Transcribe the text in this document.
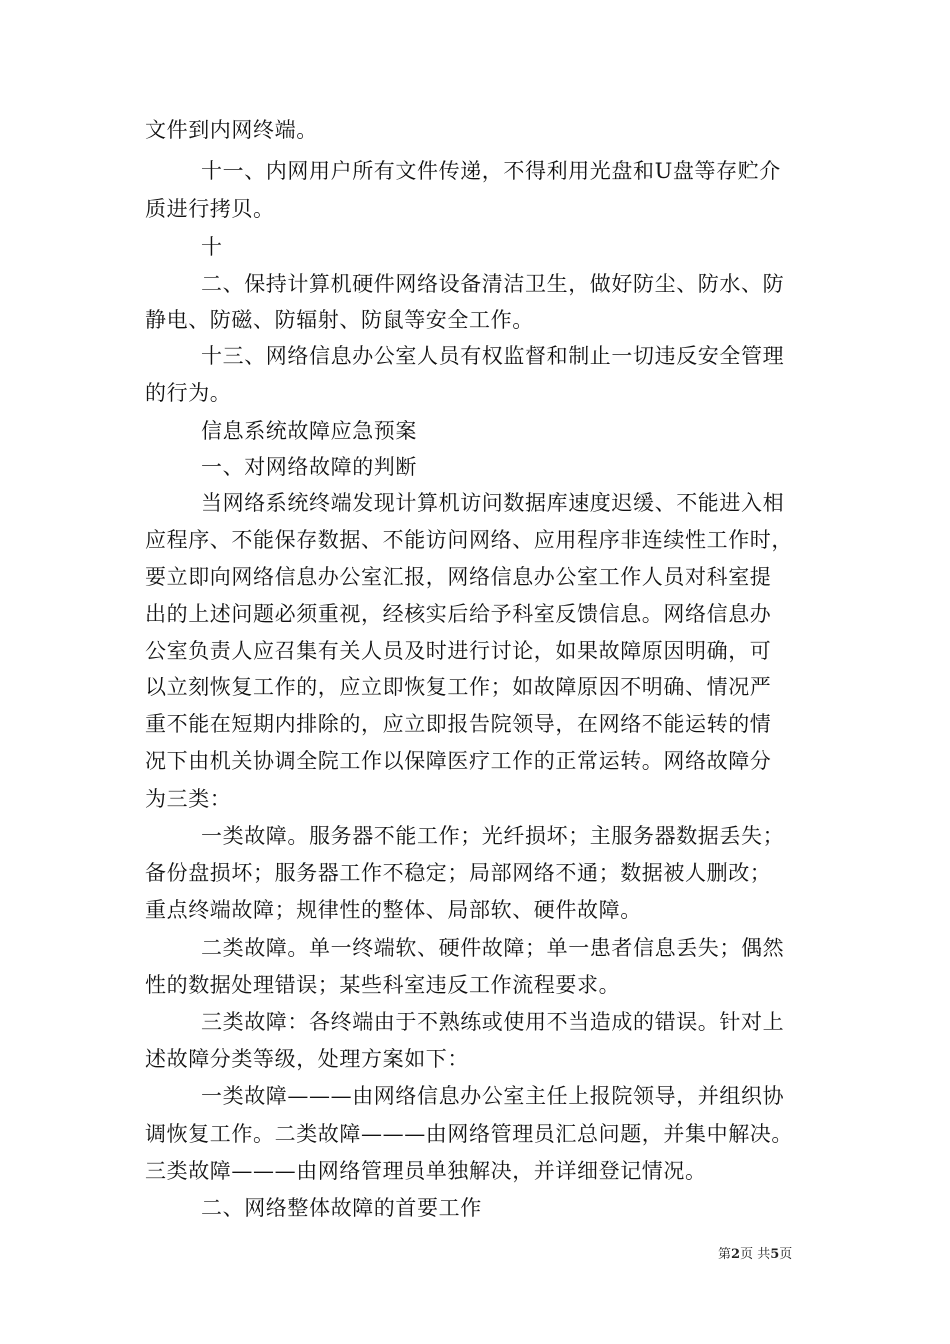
文件到内网终端。
十一、内网用户所有文件传递，不得利用光盘和U盘等存贮介
质进行拷贝。
十
二、保持计算机硬件网络设备清洁卫生，做好防尘、防水、防
静电、防磁、防辐射、防鼠等安全工作。
十三、网络信息办公室人员有权监督和制止一切违反安全管理
的行为。
信息系统故障应急预案
一、对网络故障的判断
当网络系统终端发现计算机访问数据库速度迟缓、不能进入相
应程序、不能保存数据、不能访问网络、应用程序非连续性工作时，
要立即向网络信息办公室汇报，网络信息办公室工作人员对科室提
出的上述问题必须重视，经核实后给予科室反馈信息。网络信息办
公室负责人应召集有关人员及时进行讨论，如果故障原因明确，可
以立刻恢复工作的，应立即恢复工作；如故障原因不明确、情况严
重不能在短期内排除的，应立即报告院领导，在网络不能运转的情
况下由机关协调全院工作以保障医疗工作的正常运转。网络故障分
为三类：
一类故障。服务器不能工作；光纤损坏；主服务器数据丢失；
备份盘损坏；服务器工作不稳定；局部网络不通；数据被人删改；
重点终端故障；规律性的整体、局部软、硬件故障。
二类故障。单一终端软、硬件故障；单一患者信息丢失；偶然
性的数据处理错误；某些科室违反工作流程要求。
三类故障：各终端由于不熟练或使用不当造成的错误。针对上
述故障分类等级，处理方案如下：
一类故障———由网络信息办公室主任上报院领导，并组织协
调恢复工作。二类故障———由网络管理员汇总问题，并集中解决。
三类故障———由网络管理员单独解决，并详细登记情况。
二、网络整体故障的首要工作
第2页 共5页
